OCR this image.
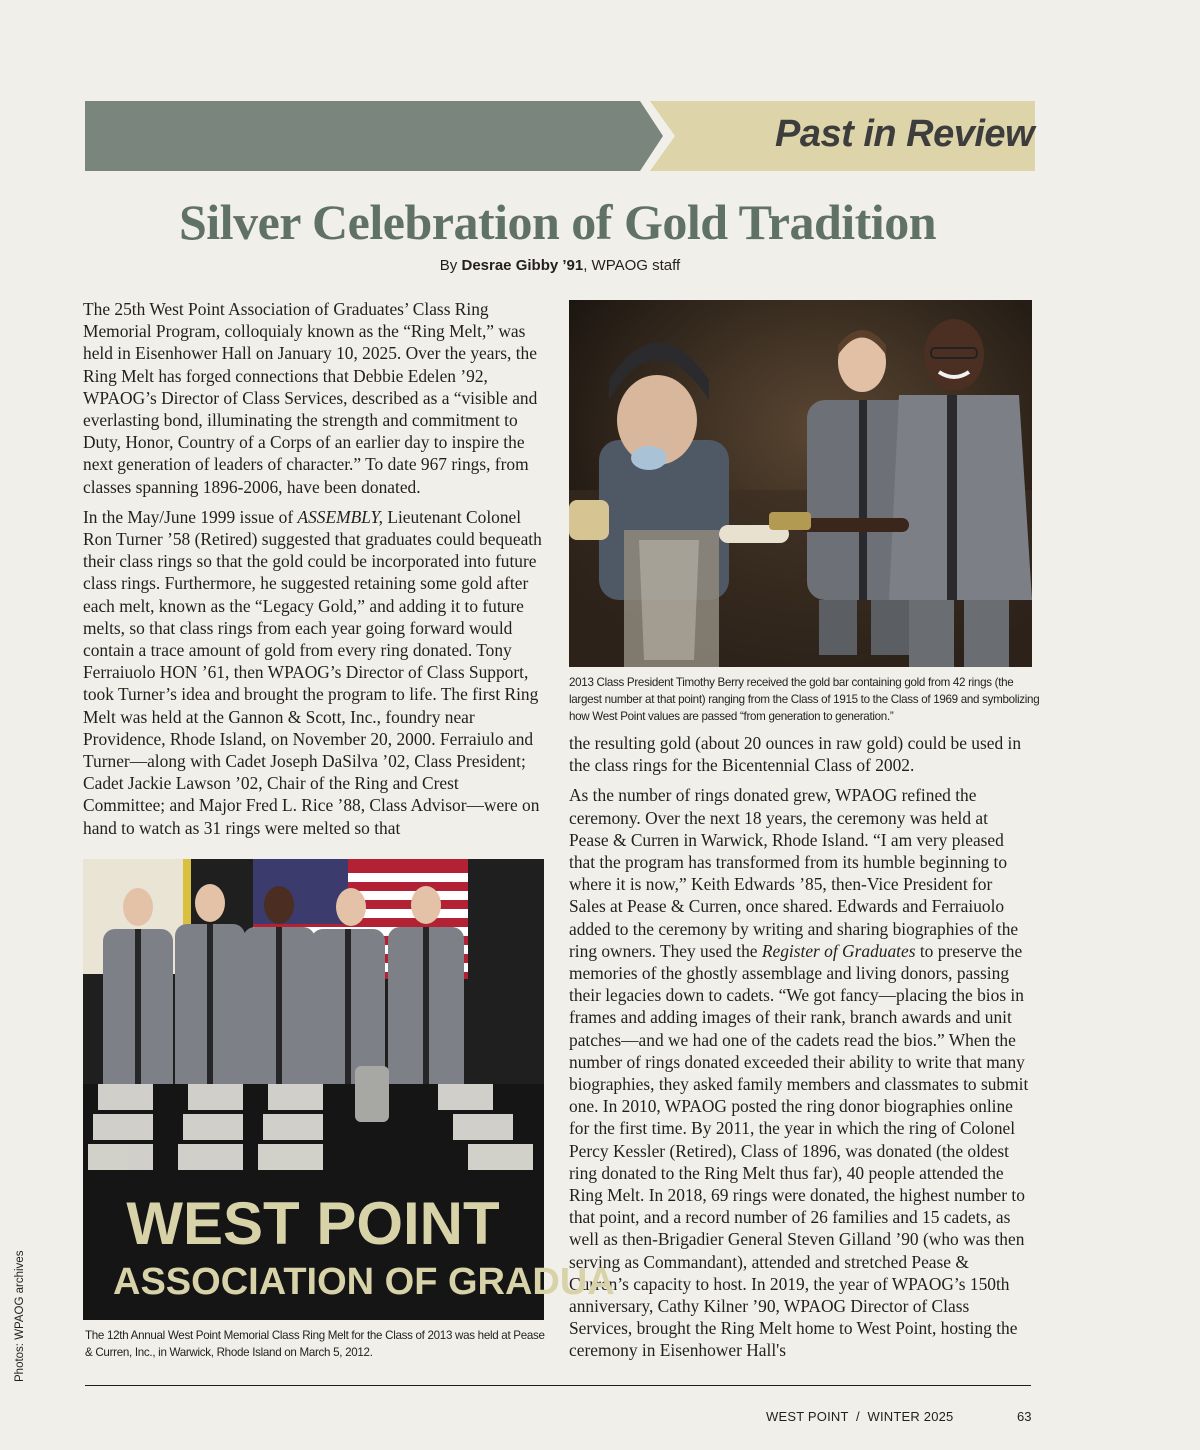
Past in Review
Silver Celebration of Gold Tradition
By Desrae Gibby ’91, WPAOG staff

The 25th West Point Association of Graduates’ Class Ring Memorial Program, colloquialy known as the “Ring Melt,” was held in Eisenhower Hall on January 10, 2025. Over the years, the Ring Melt has forged connections that Debbie Edelen ’92, WPAOG’s Director of Class Services, described as a “visible and everlasting bond, illuminating the strength and commitment to Duty, Honor, Country of a Corps of an earlier day to inspire the next generation of leaders of character.” To date 967 rings, from classes spanning 1896-2006, have been donated.

In the May/June 1999 issue of ASSEMBLY, Lieutenant Colonel Ron Turner ’58 (Retired) suggested that graduates could bequeath their class rings so that the gold could be incorporated into future class rings. Furthermore, he suggested retaining some gold after each melt, known as the “Legacy Gold,” and adding it to future melts, so that class rings from each year going forward would contain a trace amount of gold from every ring donated. Tony Ferraiuolo HON ’61, then WPAOG’s Director of Class Support, took Turner’s idea and brought the program to life. The first Ring Melt was held at the Gannon & Scott, Inc., foundry near Providence, Rhode Island, on November 20, 2000. Ferraiulo and Turner—along with Cadet Joseph DaSilva ’02, Class President; Cadet Jackie Lawson ’02, Chair of the Ring and Crest Committee; and Major Fred L. Rice ’88, Class Advisor—were on hand to watch as 31 rings were melted so that

2013 Class President Timothy Berry received the gold bar containing gold from 42 rings (the largest number at that point) ranging from the Class of 1915 to the Class of 1969 and symbolizing how West Point values are passed “from generation to generation.”

the resulting gold (about 20 ounces in raw gold) could be used in the class rings for the Bicentennial Class of 2002.

As the number of rings donated grew, WPAOG refined the ceremony. Over the next 18 years, the ceremony was held at Pease & Curren in Warwick, Rhode Island. “I am very pleased that the program has transformed from its humble beginning to where it is now,” Keith Edwards ’85, then-Vice President for Sales at Pease & Curren, once shared. Edwards and Ferraiuolo added to the ceremony by writing and sharing biographies of the ring owners. They used the Register of Graduates to preserve the memories of the ghostly assemblage and living donors, passing their legacies down to cadets. “We got fancy—placing the bios in frames and adding images of their rank, branch awards and unit patches—and we had one of the cadets read the bios.” When the number of rings donated exceeded their ability to write that many biographies, they asked family members and classmates to submit one. In 2010, WPAOG posted the ring donor biographies online for the first time. By 2011, the year in which the ring of Colonel Percy Kessler (Retired), Class of 1896, was donated (the oldest ring donated to the Ring Melt thus far), 40 people attended the Ring Melt. In 2018, 69 rings were donated, the highest number to that point, and a record number of 26 families and 15 cadets, as well as then-Brigadier General Steven Gilland ’90 (who was then serving as Commandant), attended and stretched Pease & Curren’s capacity to host. In 2019, the year of WPAOG’s 150th anniversary, Cathy Kilner ’90, WPAOG Director of Class Services, brought the Ring Melt home to West Point, hosting the ceremony in Eisenhower Hall's

WEST POINT
ASSOCIATION OF GRADUA
The 12th Annual West Point Memorial Class Ring Melt for the Class of 2013 was held at Pease & Curren, Inc., in Warwick, Rhode Island on March 5, 2012.
Photos: WPAOG archives
WEST POINT  /  WINTER 2025	63
